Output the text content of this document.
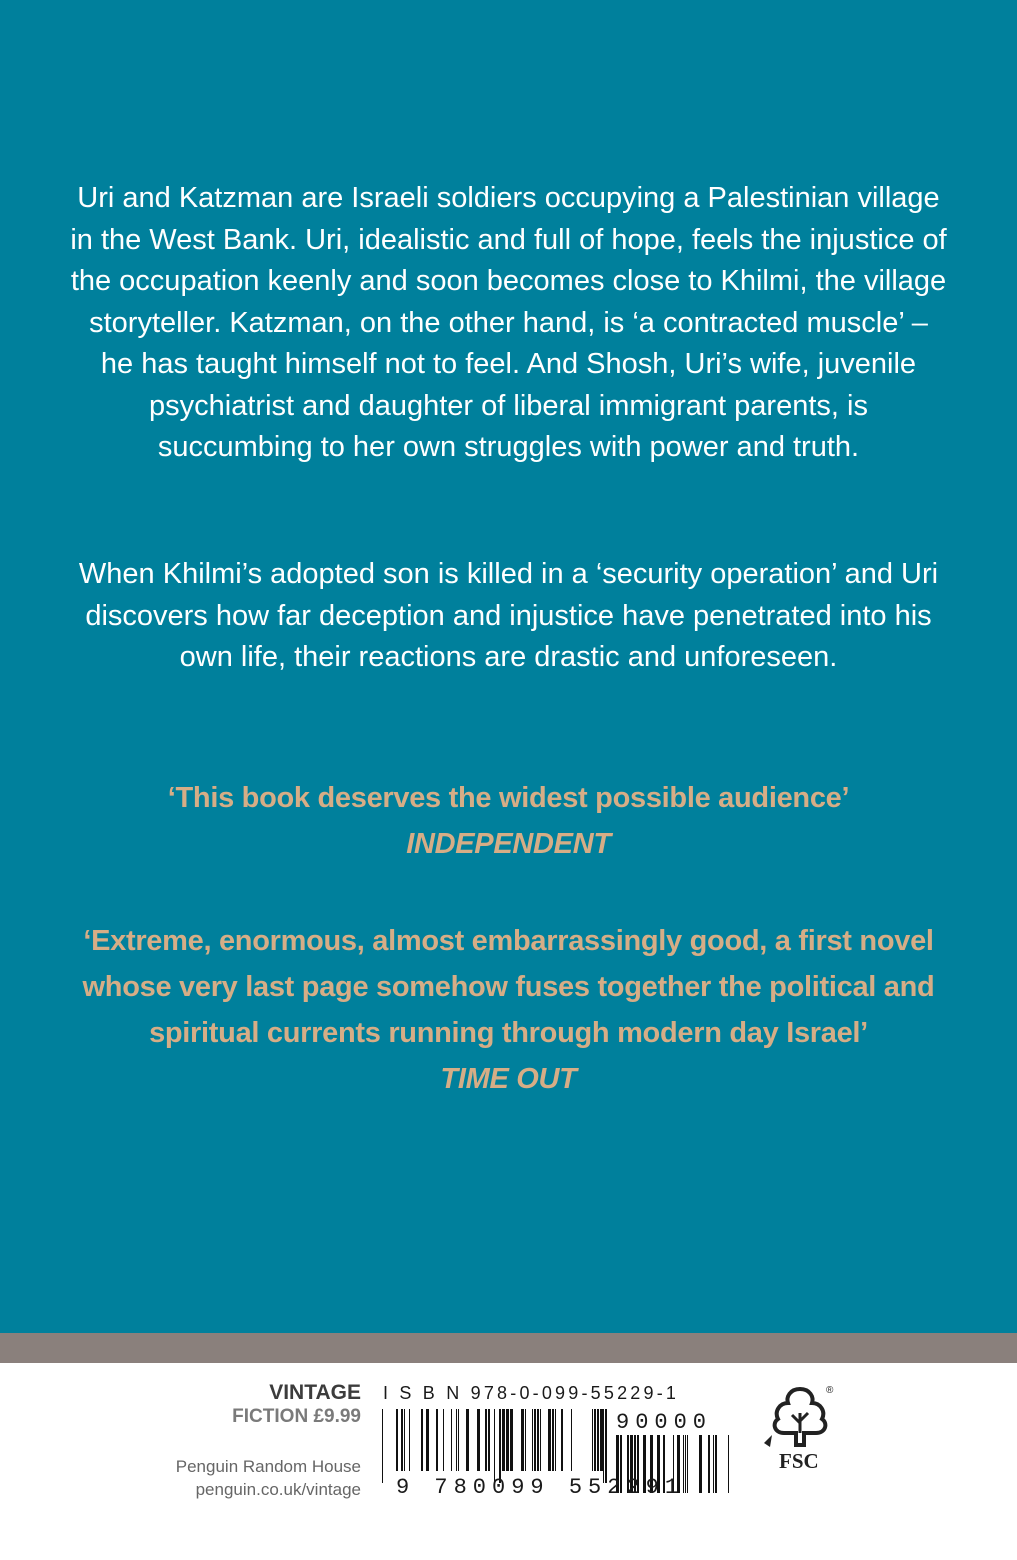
Uri and Katzman are Israeli soldiers occupying a Palestinian village in the West Bank. Uri, idealistic and full of hope, feels the injustice of the occupation keenly and soon becomes close to Khilmi, the village storyteller. Katzman, on the other hand, is ‘a contracted muscle’ – he has taught himself not to feel. And Shosh, Uri’s wife, juvenile psychiatrist and daughter of liberal immigrant parents, is succumbing to her own struggles with power and truth.

When Khilmi’s adopted son is killed in a ‘security operation’ and Uri discovers how far deception and injustice have penetrated into his own life, their reactions are drastic and unforeseen.

‘This book deserves the widest possible audience’
INDEPENDENT

‘Extreme, enormous, almost embarrassingly good, a first novel whose very last page somehow fuses together the political and spiritual currents running through modern day Israel’
TIME OUT

VINTAGE
FICTION £9.99
Penguin Random House
penguin.co.uk/vintage
I S B N 978-0-099-55229-1
9 780099 552291
90000
®
FSC
